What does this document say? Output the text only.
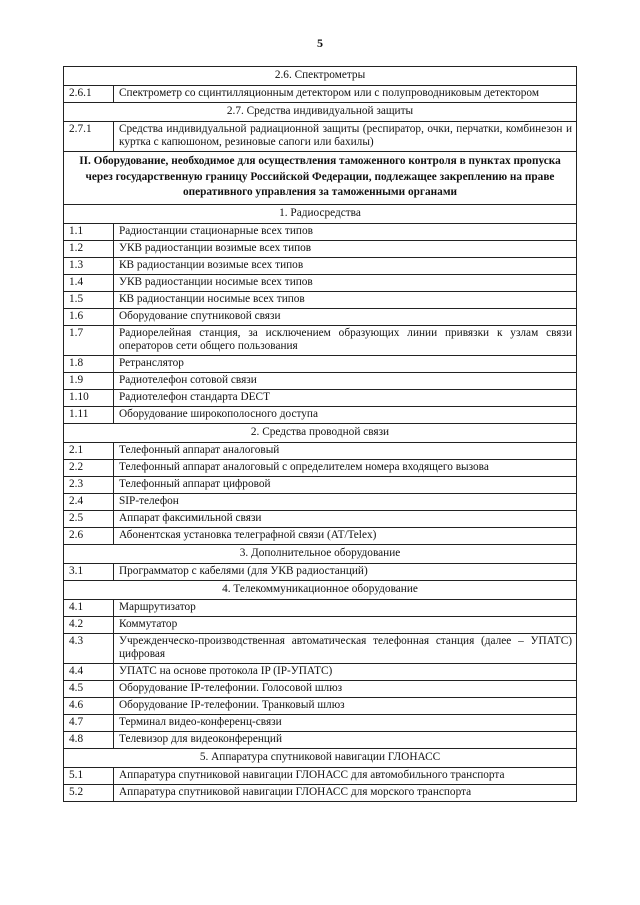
5
2.6. Спектрометры	
2.6.1	Спектрометр со сцинтилляционным детектором или с полупроводниковым детектором
2.7. Средства индивидуальной защиты	
2.7.1	Средства индивидуальной радиационной защиты (респиратор, очки, перчатки, комбинезон и куртка с капюшоном, резиновые сапоги или бахилы)
II. Оборудование, необходимое для осуществления таможенного контроля в пунктах пропуска через государственную границу Российской Федерации, подлежащее закреплению на праве оперативного управления за таможенными органами	
1. Радиосредства	
1.1	Радиостанции стационарные всех типов
1.2	УКВ радиостанции возимые всех типов
1.3	КВ радиостанции возимые всех типов
1.4	УКВ радиостанции носимые всех типов
1.5	КВ радиостанции носимые всех типов
1.6	Оборудование спутниковой связи
1.7	Радиорелейная станция, за исключением образующих линии привязки к узлам связи операторов сети общего пользования
1.8	Ретранслятор
1.9	Радиотелефон сотовой связи
1.10	Радиотелефон стандарта DECT
1.11	Оборудование широкополосного доступа
2. Средства проводной связи	
2.1	Телефонный аппарат аналоговый
2.2	Телефонный аппарат аналоговый с определителем номера входящего вызова
2.3	Телефонный аппарат цифровой
2.4	SIP-телефон
2.5	Аппарат факсимильной связи
2.6	Абонентская установка телеграфной связи (AT/Telex)
3. Дополнительное оборудование	
3.1	Программатор с кабелями (для УКВ радиостанций)
4. Телекоммуникационное оборудование	
4.1	Маршрутизатор
4.2	Коммутатор
4.3	Учрежденческо-производственная автоматическая телефонная станция (далее – УПАТС) цифровая
4.4	УПАТС на основе протокола IP (IP-УПАТС)
4.5	Оборудование IP-телефонии. Голосовой шлюз
4.6	Оборудование IP-телефонии. Транковый шлюз
4.7	Терминал видео-конференц-связи
4.8	Телевизор для видеоконференций
5. Аппаратура спутниковой навигации ГЛОНАСС	
5.1	Аппаратура спутниковой навигации ГЛОНАСС для автомобильного транспорта
5.2	Аппаратура спутниковой навигации ГЛОНАСС для морского транспорта
